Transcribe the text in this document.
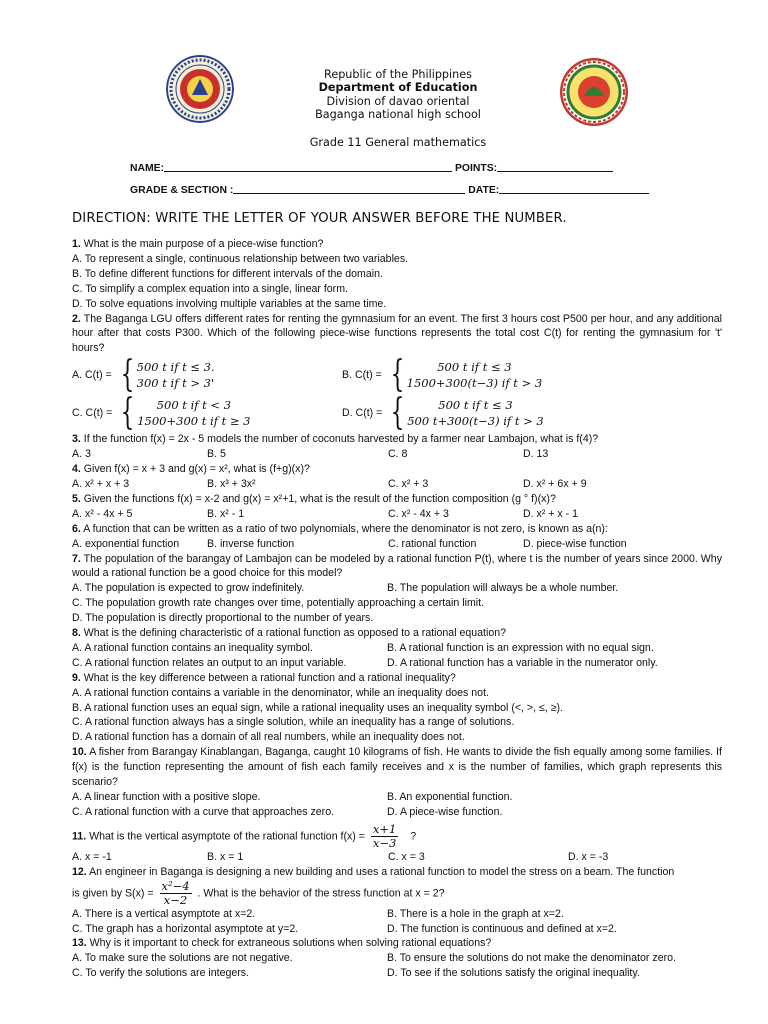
Republic of the Philippines
Department of Education
Division of davao oriental
Baganga national high school
Grade 11 General mathematics
NAME:	POINTS:
GRADE & SECTION :	DATE:
DIRECTION: WRITE THE LETTER OF YOUR ANSWER BEFORE THE NUMBER.
1. What is the main purpose of a piece-wise function?
A. To represent a single, continuous relationship between two variables.
B. To define different functions for different intervals of the domain.
C. To simplify a complex equation into a single, linear form.
D. To solve equations involving multiple variables at the same time.
2. The Baganga LGU offers different rates for renting the gymnasium for an event. The first 3 hours cost P500 per hour, and any additional hour after that costs P300. Which of the following piece-wise functions represents the total cost C(t) for renting the gymnasium for 't' hours?
A. C(t) = { 500 t if t ≤ 3.
300 t if t > 3'
B. C(t) = {	500 t if t ≤ 3
1500+300(t−3) if t > 3
C. C(t) = {	500 t if t < 3
1500+300 t if t ≥ 3
D. C(t) = {	500 t if t ≤ 3
500 t+300(t−3) if t > 3
3. If the function f(x) = 2x - 5 models the number of coconuts harvested by a farmer near Lambajon, what is f(4)?
A. 3	B. 5	C. 8	D. 13
4. Given f(x) = x + 3 and g(x) = x², what is (f+g)(x)?
A. x² + x + 3	B. x³ + 3x²	C. x² + 3	D. x² + 6x + 9
5. Given the functions f(x) = x-2 and g(x) = x²+1, what is the result of the function composition (g ° f)(x)?
A. x² - 4x + 5	B. x² - 1	C. x² - 4x + 3	D. x² + x - 1
6. A function that can be written as a ratio of two polynomials, where the denominator is not zero, is known as a(n):
A. exponential function	B. inverse function	C. rational function	D. piece-wise function
7. The population of the barangay of Lambajon can be modeled by a rational function P(t), where t is the number of years since 2000. Why would a rational function be a good choice for this model?
A. The population is expected to grow indefinitely.	B. The population will always be a whole number.
C. The population growth rate changes over time, potentially approaching a certain limit.
D. The population is directly proportional to the number of years.
8. What is the defining characteristic of a rational function as opposed to a rational equation?
A. A rational function contains an inequality symbol.	B. A rational function is an expression with no equal sign.
C. A rational function relates an output to an input variable.	D. A rational function has a variable in the numerator only.
9. What is the key difference between a rational function and a rational inequality?
A. A rational function contains a variable in the denominator, while an inequality does not.
B. A rational function uses an equal sign, while a rational inequality uses an inequality symbol (<, >, ≤, ≥).
C. A rational function always has a single solution, while an inequality has a range of solutions.
D. A rational function has a domain of all real numbers, while an inequality does not.
10. A fisher from Barangay Kinablangan, Baganga, caught 10 kilograms of fish. He wants to divide the fish equally among some families. If f(x) is the function representing the amount of fish each family receives and x is the number of families, which graph represents this scenario?
A. A linear function with a positive slope.	B. An exponential function.
C. A rational function with a curve that approaches zero.	D. A piece-wise function.
11. What is the vertical asymptote of the rational function $f(x) = \frac{x+1}{x-3}$ ?
A. x = -1	B. x = 1	C. x = 3	D. x = -3
12. An engineer in Baganga is designing a new building and uses a rational function to model the stress on a beam. The function
is given by $S(x) = \frac{\text{x²−4}}{x-2}$ . What is the behavior of the stress function at x = 2?
A. There is a vertical asymptote at x=2.	B. There is a hole in the graph at x=2.
C. The graph has a horizontal asymptote at y=2.	D. The function is continuous and defined at x=2.
13. Why is it important to check for extraneous solutions when solving rational equations?
A. To make sure the solutions are not negative.	B. To ensure the solutions do not make the denominator zero.
C. To verify the solutions are integers.	D. To see if the solutions satisfy the original inequality.
